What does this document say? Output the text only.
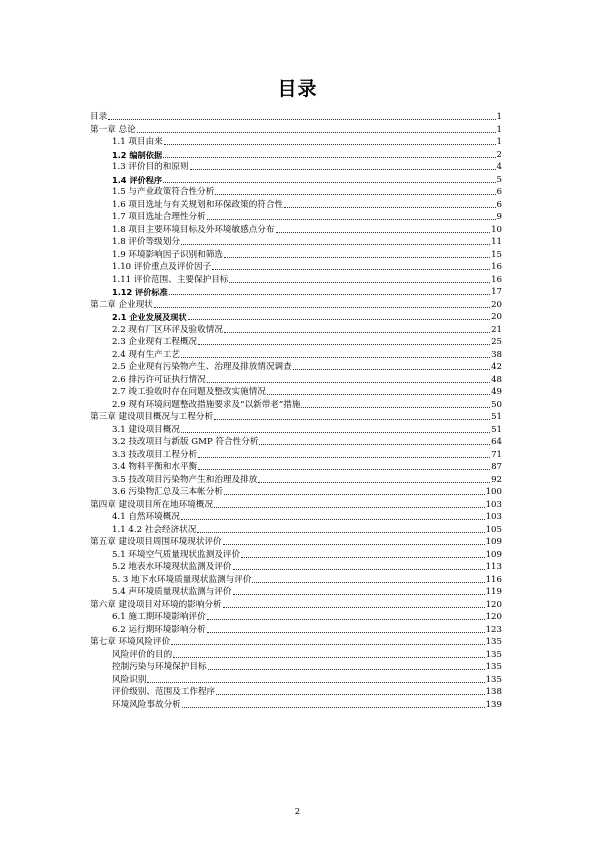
目录
目录	1
第一章 总论	1
1.1 项目由来	1
1.2 编制依据	2
1.3 评价目的和原则	4
1.4 评价程序	5
1.5 与产业政策符合性分析	6
1.6 项目选址与有关规划和环保政策的符合性	6
1.7 项目选址合理性分析	9
1.8 项目主要环境目标及外环境敏感点分布	10
1.8 评价等级划分	11
1.9 环境影响因子识别和筛选	15
1.10 评价重点及评价因子	16
1.11 评价范围、主要保护目标	16
1.12 评价标准	17
第二章 企业现状	20
2.1 企业发展及现状	20
2.2 现有厂区环评及验收情况	21
2.3 企业现有工程概况	25
2.4 现有生产工艺	38
2.5 企业现有污染物产生、治理及排放情况调查	42
2.6 排污许可证执行情况	48
2.7 竣工验收时存在问题及整改实施情况	49
2.9 现有环境问题整改措施要求及“以新带老”措施	50
第三章 建设项目概况与工程分析	51
3.1 建设项目概况	51
3.2 技改项目与新版 GMP 符合性分析	64
3.3 技改项目工程分析	71
3.4 物料平衡和水平衡	87
3.5 技改项目污染物产生和治理及排放	92
3.6 污染物汇总及三本帐分析	100
第四章 建设项目所在地环境概况	103
4.1 自然环境概况	103
1.1 4.2 社会经济状况	105
第五章 建设项目周围环境现状评价	109
5.1 环境空气质量现状监测及评价	109
5.2 地表水环境现状监测及评价	113
5. 3 地下水环境质量现状监测与评价	116
5.4 声环境质量现状监测与评价	119
第六章 建设项目对环境的影响分析	120
6.1 施工期环境影响评价	120
6.2 运行期环境影响分析	123
第七章 环境风险评价	135
风险评价的目的	135
控制污染与环境保护目标	135
风险识别	135
评价级别、范围及工作程序	138
环境风险事故分析	139
2
